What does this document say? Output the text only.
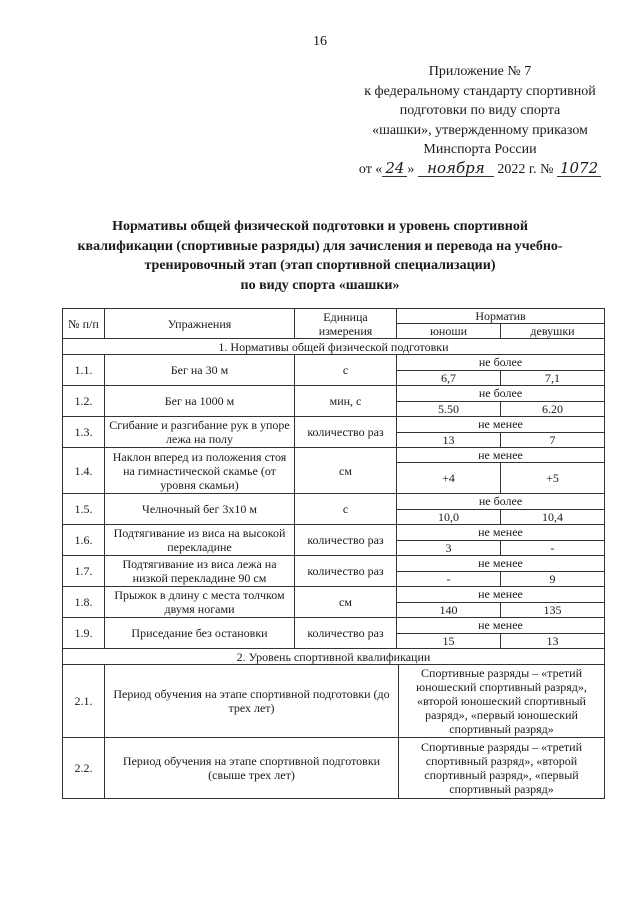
16
Приложение № 7
к федеральному стандарту спортивной
подготовки по виду спорта
«шашки», утвержденному приказом
Минспорта России
от « 24 » ноября 2022 г. № 1072
Нормативы общей физической подготовки и уровень спортивной
квалификации (спортивные разряды) для зачисления и перевода на учебно-
тренировочный этап (этап спортивной специализации)
по виду спорта «шашки»
№ п/п	Упражнения	Единица измерения	Норматив	
			юноши	девушки
1. Нормативы общей физической подготовки				
1.1.	Бег на 30 м	с	не более	
			6,7	7,1
1.2.	Бег на 1000 м	мин, с	не более	
			5.50	6.20
1.3.	Сгибание и разгибание рук в упоре лежа на полу	количество раз	не менее	
			13	7
1.4.	Наклон вперед из положения стоя на гимнастической скамье (от уровня скамьи)	см	не менее	
			+4	+5
1.5.	Челночный бег 3х10 м	с	не более	
			10,0	10,4
1.6.	Подтягивание из виса на высокой перекладине	количество раз	не менее	
			3	-
1.7.	Подтягивание из виса лежа на низкой перекладине 90 см	количество раз	не менее	
			-	9
1.8.	Прыжок в длину с места толчком двумя ногами	см	не менее	
			140	135
1.9.	Приседание без остановки	количество раз	не менее	
			15	13
2. Уровень спортивной квалификации				
2.1.	Период обучения на этапе спортивной подготовки (до трех лет)	Спортивные разряды – «третий юношеский спортивный разряд», «второй юношеский спортивный разряд», «первый юношеский спортивный разряд»
2.2.	Период обучения на этапе спортивной подготовки (свыше трех лет)	Спортивные разряды – «третий спортивный разряд», «второй спортивный разряд», «первый спортивный разряд»
